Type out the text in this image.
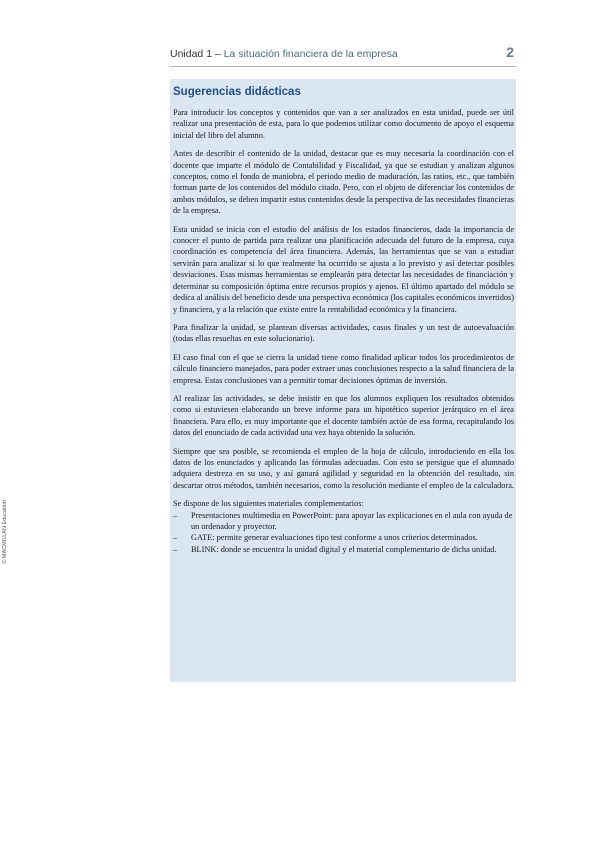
Unidad 1 – La situación financiera de la empresa	2
© MACMILLAN Education
Sugerencias didácticas

Para introducir los conceptos y contenidos que van a ser analizados en esta unidad, puede ser útil realizar una presentación de esta, para lo que podemos utilizar como documento de apoyo el esquema inicial del libro del alumno.

Antes de describir el contenido de la unidad, destacar que es muy necesaria la coordinación con el docente que imparte el módulo de Contabilidad y Fiscalidad, ya que se estudian y analizan algunos conceptos, como el fondo de maniobra, el periodo medio de maduración, las ratios, etc., que también forman parte de los contenidos del módulo citado. Pero, con el objeto de diferenciar los contenidos de ambos módulos, se deben impartir estos contenidos desde la perspectiva de las necesidades financieras de la empresa.

Esta unidad se inicia con el estudio del análisis de los estados financieros, dada la importancia de conocer el punto de partida para realizar una planificación adecuada del futuro de la empresa, cuya coordinación es competencia del área financiera. Además, las herramientas que se van a estudiar servirán para analizar si lo que realmente ha ocurrido se ajusta a lo previsto y así detectar posibles desviaciones. Esas mismas herramientas se emplearán para detectar las necesidades de financiación y determinar su composición óptima entre recursos propios y ajenos. El último apartado del módulo se dedica al análisis del beneficio desde una perspectiva económica (los capitales económicos invertidos) y financiera, y a la relación que existe entre la rentabilidad económica y la financiera.

Para finalizar la unidad, se plantean diversas actividades, casos finales y un test de autoevaluación (todas ellas resueltas en este solucionario).

El caso final con el que se cierra la unidad tiene como finalidad aplicar todos los procedimientos de cálculo financiero manejados, para poder extraer unas conclusiones respecto a la salud financiera de la empresa. Estas conclusiones van a permitir tomar decisiones óptimas de inversión.

Al realizar las actividades, se debe insistir en que los alumnos expliquen los resultados obtenidos como si estuviesen elaborando un breve informe para un hipotético superior jerárquico en el área financiera. Para ello, es muy importante que el docente también actúe de esa forma, recapitulando los datos del enunciado de cada actividad una vez haya obtenido la solución.

Siempre que sea posible, se recomienda el empleo de la hoja de cálculo, introduciendo en ella los datos de los enunciados y aplicando las fórmulas adecuadas. Con esto se persigue que el alumnado adquiera destreza en su uso, y así ganará agilidad y seguridad en la obtención del resultado, sin descartar otros métodos, también necesarios, como la resolución mediante el empleo de la calculadora.

Se dispone de los siguientes materiales complementarios:

– Presentaciones multimedia en PowerPoint: para apoyar las explicaciones en el aula con ayuda de un ordenador y proyector.
– GATE: permite generar evaluaciones tipo test conforme a unos criterios determinados.
– BLINK: donde se encuentra la unidad digital y el material complementario de dicha unidad.
